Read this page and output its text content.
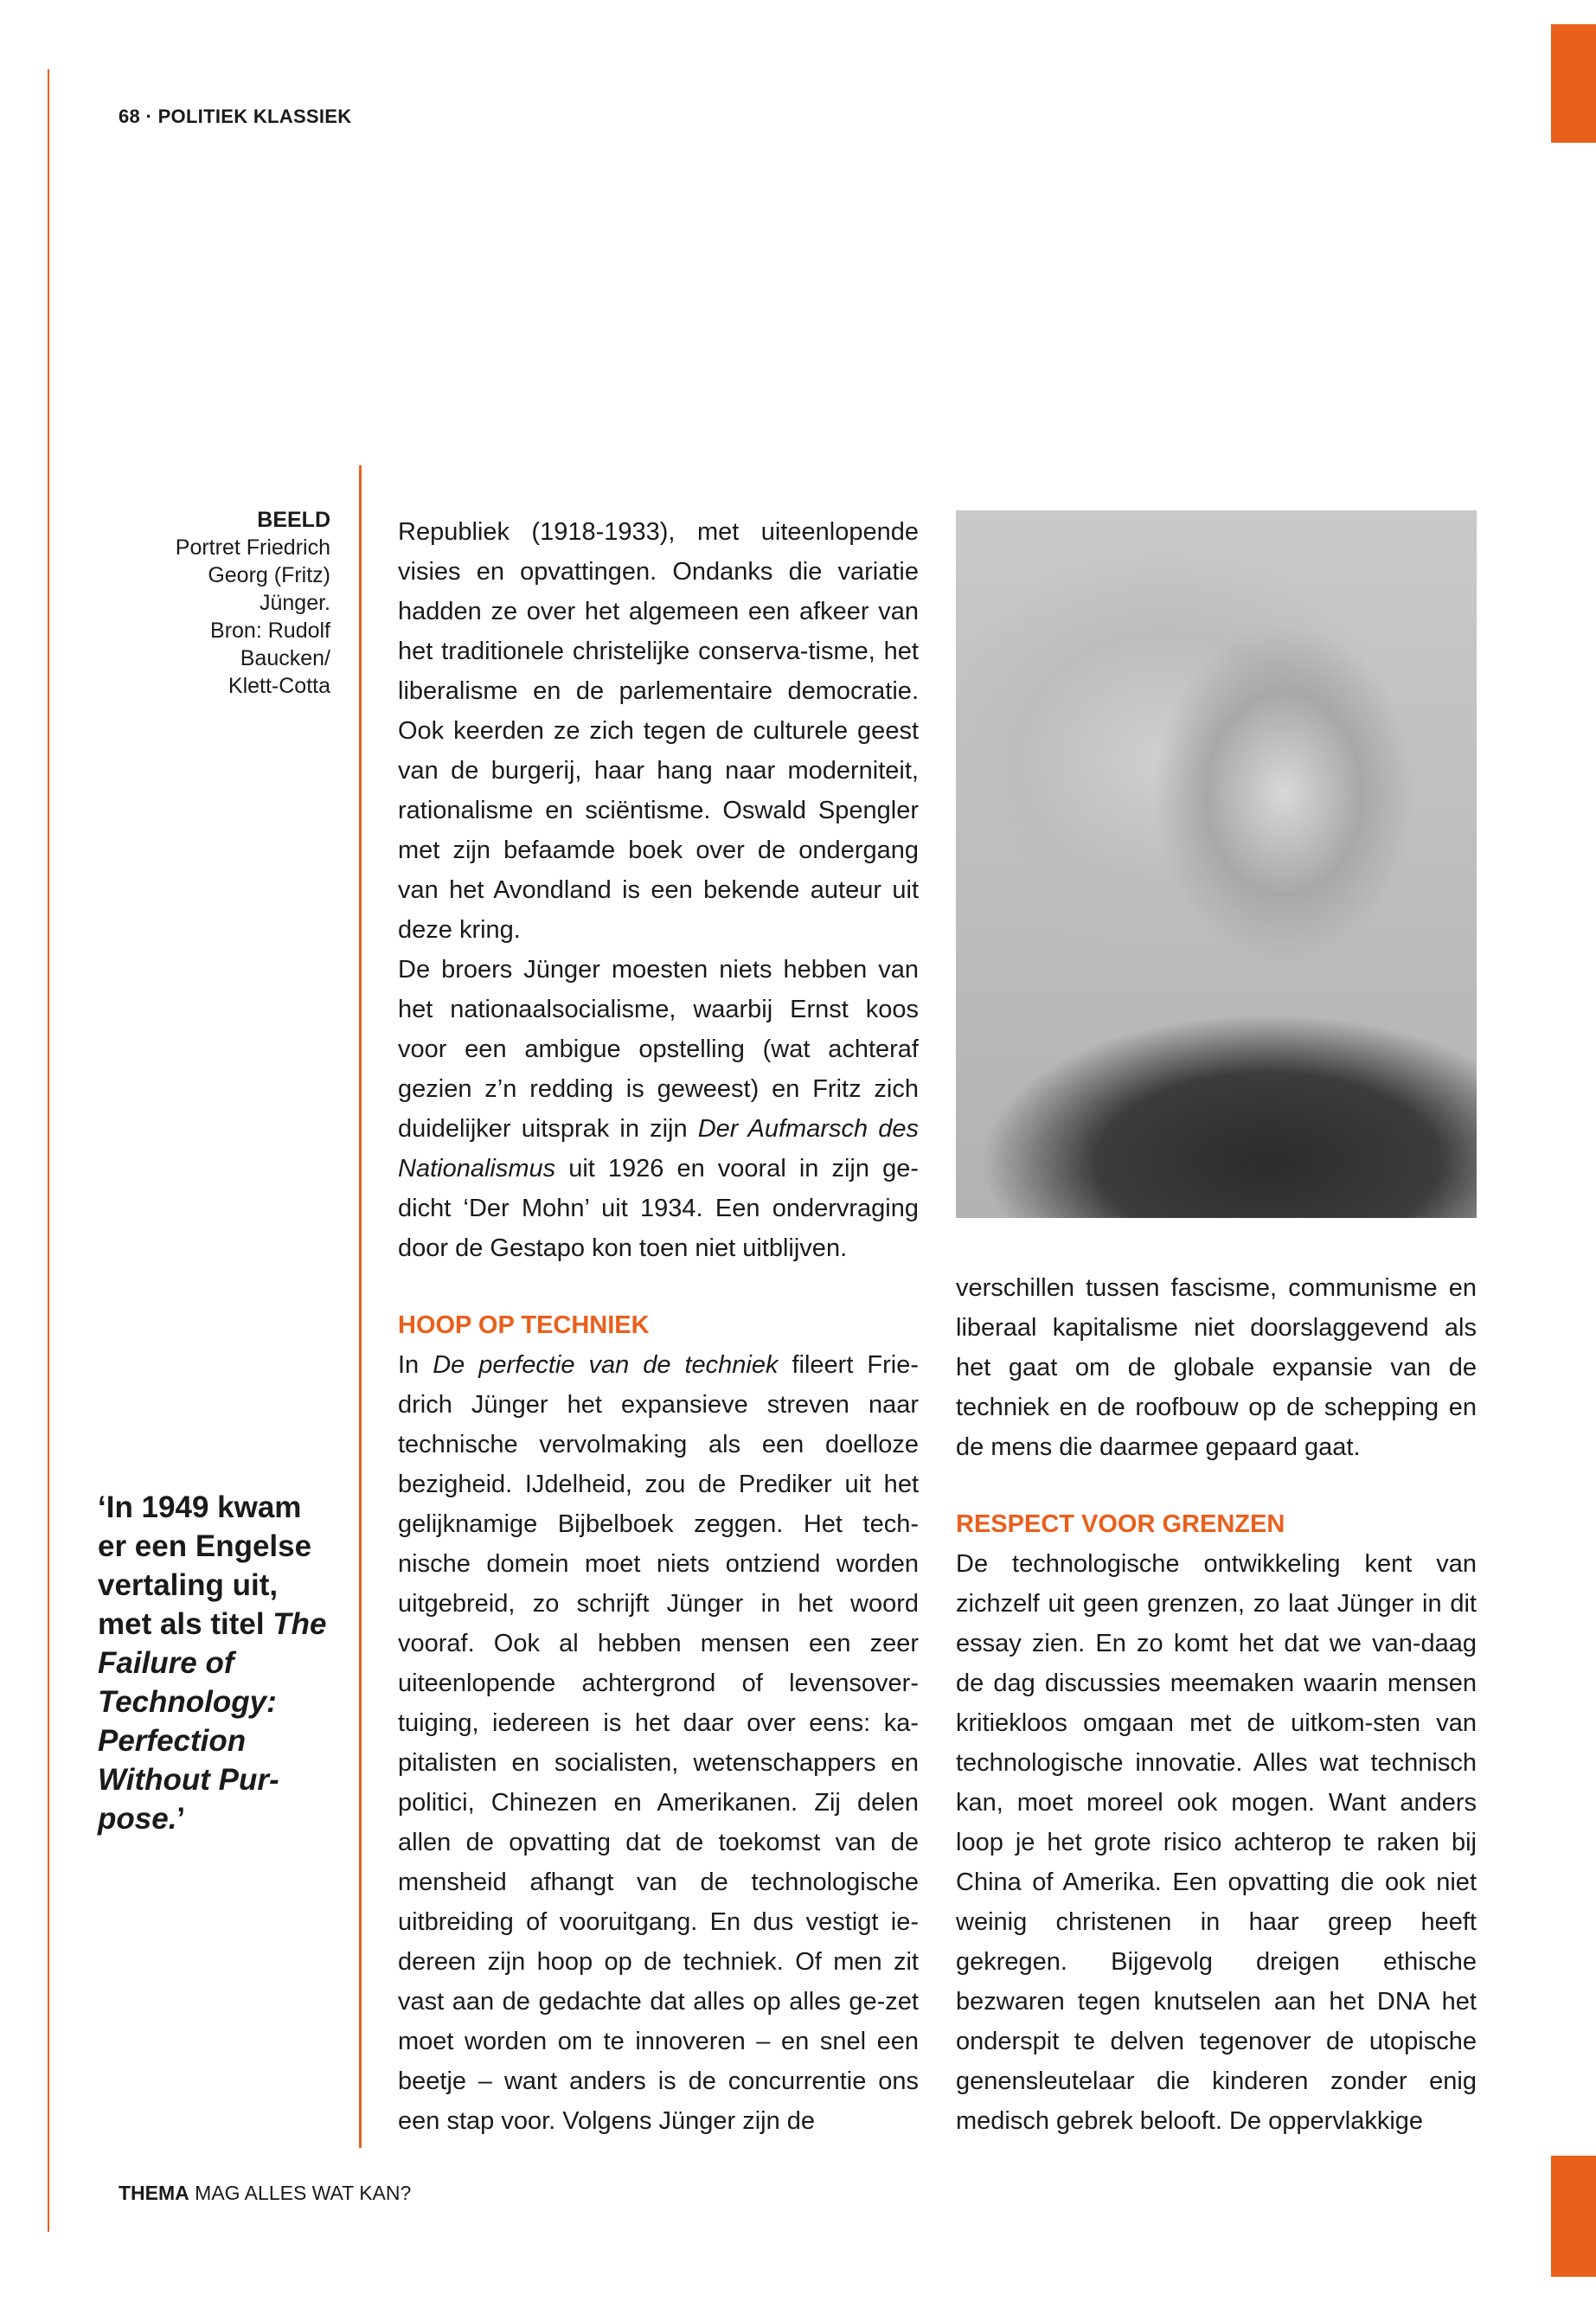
68 · POLITIEK KLASSIEK

BEELD

Portret Friedrich

Georg (Fritz)

Jünger.

Bron: Rudolf

Baucken/

Klett-Cotta

‘In 1949 kwam er een Engelse vertaling uit, met als titel The Failure of Technology: Perfection Without Pur-pose.’

Republiek (1918-1933), met uiteenlopende visies en opvattingen. Ondanks die variatie hadden ze over het algemeen een afkeer van het traditionele christelijke conserva-tisme, het liberalisme en de parlementaire democratie. Ook keerden ze zich tegen de culturele geest van de burgerij, haar hang naar moderniteit, rationalisme en sciëntisme. Oswald Spengler met zijn befaamde boek over de ondergang van het Avondland is een bekende auteur uit deze kring.

De broers Jünger moesten niets hebben van het nationaalsocialisme, waarbij Ernst koos voor een ambigue opstelling (wat achteraf gezien z’n redding is geweest) en Fritz zich duidelijker uitsprak in zijn Der Aufmarsch des Nationalismus uit 1926 en vooral in zijn ge-dicht ‘Der Mohn’ uit 1934. Een ondervraging door de Gestapo kon toen niet uitblijven.

HOOP OP TECHNIEK

In De perfectie van de techniek fileert Frie-drich Jünger het expansieve streven naar technische vervolmaking als een doelloze bezigheid. IJdelheid, zou de Prediker uit het gelijknamige Bijbelboek zeggen. Het tech-nische domein moet niets ontziend worden uitgebreid, zo schrijft Jünger in het woord vooraf. Ook al hebben mensen een zeer uiteenlopende achtergrond of levensover-tuiging, iedereen is het daar over eens: ka-pitalisten en socialisten, wetenschappers en politici, Chinezen en Amerikanen. Zij delen allen de opvatting dat de toekomst van de mensheid afhangt van de technologische uitbreiding of vooruitgang. En dus vestigt ie-dereen zijn hoop op de techniek. Of men zit vast aan de gedachte dat alles op alles ge-zet moet worden om te innoveren – en snel een beetje – want anders is de concurrentie ons een stap voor. Volgens Jünger zijn de

verschillen tussen fascisme, communisme en liberaal kapitalisme niet doorslaggevend als het gaat om de globale expansie van de techniek en de roofbouw op de schepping en de mens die daarmee gepaard gaat.

RESPECT VOOR GRENZEN

De technologische ontwikkeling kent van zichzelf uit geen grenzen, zo laat Jünger in dit essay zien. En zo komt het dat we van-daag de dag discussies meemaken waarin mensen kritiekloos omgaan met de uitkom-sten van technologische innovatie. Alles wat technisch kan, moet moreel ook mogen. Want anders loop je het grote risico achterop te raken bij China of Amerika. Een opvatting die ook niet weinig christenen in haar greep heeft gekregen. Bijgevolg dreigen ethische bezwaren tegen knutselen aan het DNA het onderspit te delven tegenover de utopische genensleutelaar die kinderen zonder enig medisch gebrek belooft. De oppervlakkige

THEMA MAG ALLES WAT KAN?
